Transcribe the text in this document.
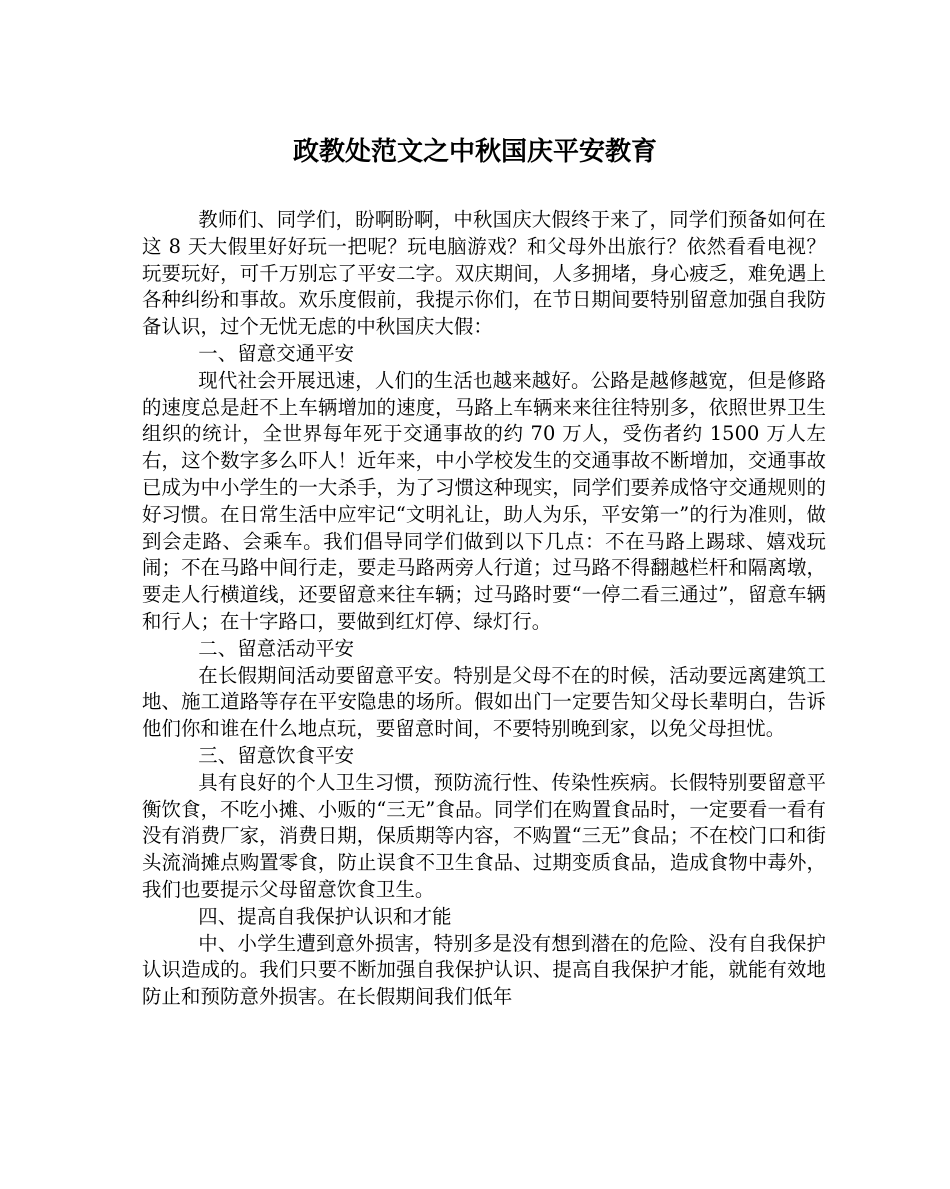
政教处范文之中秋国庆平安教育

教师们、同学们，盼啊盼啊，中秋国庆大假终于来了，同学们预备如何在这 8 天大假里好好玩一把呢？玩电脑游戏？和父母外出旅行？依然看看电视？玩要玩好，可千万别忘了平安二字。双庆期间，人多拥堵，身心疲乏，难免遇上各种纠纷和事故。欢乐度假前，我提示你们，在节日期间要特别留意加强自我防备认识，过个无忧无虑的中秋国庆大假：

一、留意交通平安

现代社会开展迅速，人们的生活也越来越好。公路是越修越宽，但是修路的速度总是赶不上车辆增加的速度，马路上车辆来来往往特别多，依照世界卫生组织的统计，全世界每年死于交通事故的约 70 万人，受伤者约 1500 万人左右，这个数字多么吓人！近年来，中小学校发生的交通事故不断增加，交通事故已成为中小学生的一大杀手，为了习惯这种现实，同学们要养成恪守交通规则的好习惯。在日常生活中应牢记“文明礼让，助人为乐，平安第一”的行为准则，做到会走路、会乘车。我们倡导同学们做到以下几点：不在马路上踢球、嬉戏玩闹；不在马路中间行走，要走马路两旁人行道；过马路不得翻越栏杆和隔离墩，要走人行横道线，还要留意来往车辆；过马路时要“一停二看三通过”，留意车辆和行人；在十字路口，要做到红灯停、绿灯行。

二、留意活动平安

在长假期间活动要留意平安。特别是父母不在的时候，活动要远离建筑工地、施工道路等存在平安隐患的场所。假如出门一定要告知父母长辈明白，告诉他们你和谁在什么地点玩，要留意时间，不要特别晚到家，以免父母担忧。

三、留意饮食平安

具有良好的个人卫生习惯，预防流行性、传染性疾病。长假特别要留意平衡饮食，不吃小摊、小贩的“三无”食品。同学们在购置食品时，一定要看一看有没有消费厂家，消费日期，保质期等内容，不购置“三无”食品；不在校门口和街头流淌摊点购置零食，防止误食不卫生食品、过期变质食品，造成食物中毒外，我们也要提示父母留意饮食卫生。

四、提高自我保护认识和才能

中、小学生遭到意外损害，特别多是没有想到潜在的危险、没有自我保护认识造成的。我们只要不断加强自我保护认识、提高自我保护才能，就能有效地防止和预防意外损害。在长假期间我们低年
